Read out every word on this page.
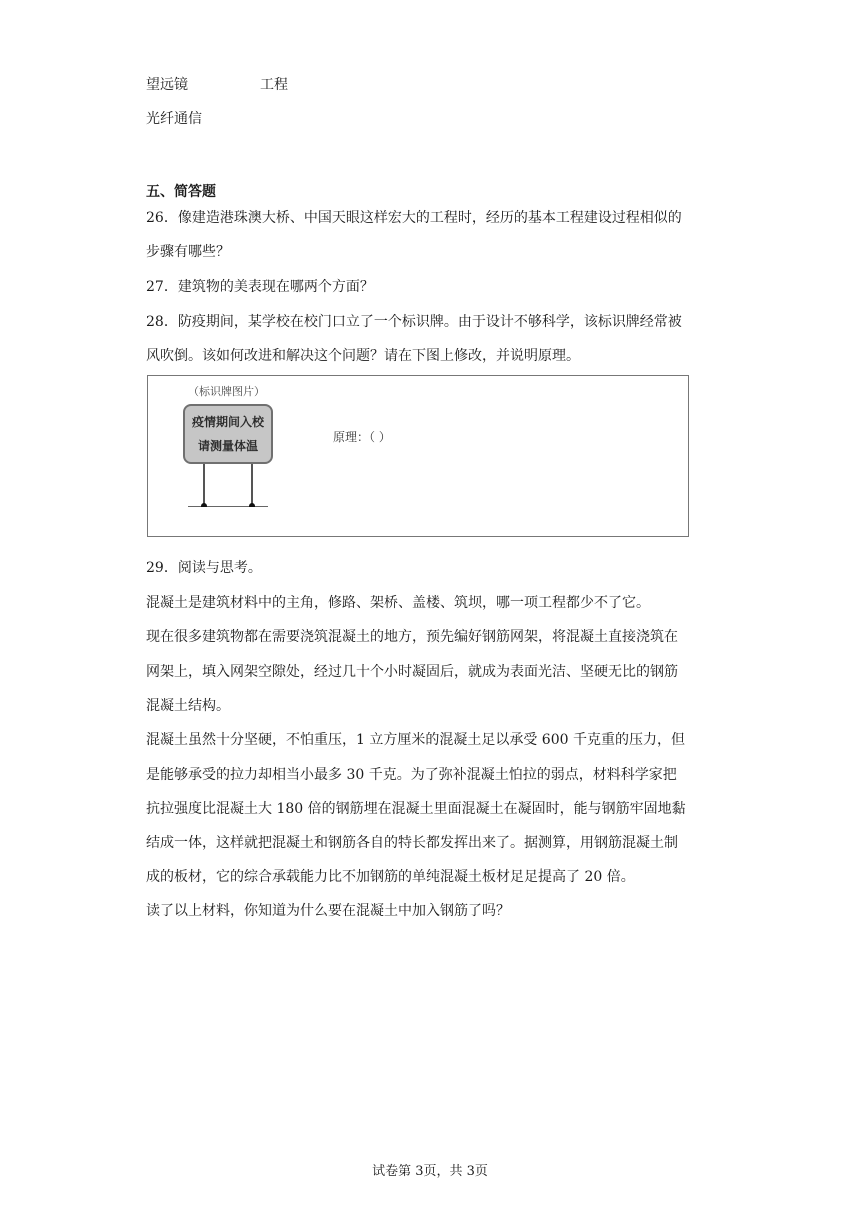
望远镜	工程
光纤通信
五、简答题
26．像建造港珠澳大桥、中国天眼这样宏大的工程时，经历的基本工程建设过程相似的
步骤有哪些？
27．建筑物的美表现在哪两个方面？
28．防疫期间，某学校在校门口立了一个标识牌。由于设计不够科学，该标识牌经常被
风吹倒。该如何改进和解决这个问题？请在下图上修改，并说明原理。
（标识牌图片）
疫情期间入校
请测量体温
原理：（ ）
29．阅读与思考。
混凝土是建筑材料中的主角，修路、架桥、盖楼、筑坝，哪一项工程都少不了它。
现在很多建筑物都在需要浇筑混凝土的地方，预先编好钢筋网架，将混凝土直接浇筑在
网架上，填入网架空隙处，经过几十个小时凝固后，就成为表面光洁、坚硬无比的钢筋
混凝土结构。
混凝土虽然十分坚硬，不怕重压，1 立方厘米的混凝土足以承受 600 千克重的压力，但
是能够承受的拉力却相当小最多 30 千克。为了弥补混凝土怕拉的弱点，材料科学家把
抗拉强度比混凝土大 180 倍的钢筋埋在混凝土里面混凝土在凝固时，能与钢筋牢固地黏
结成一体，这样就把混凝土和钢筋各自的特长都发挥出来了。据测算，用钢筋混凝土制
成的板材，它的综合承载能力比不加钢筋的单纯混凝土板材足足提高了 20 倍。
读了以上材料，你知道为什么要在混凝土中加入钢筋了吗？
试卷第 3页，共 3页
